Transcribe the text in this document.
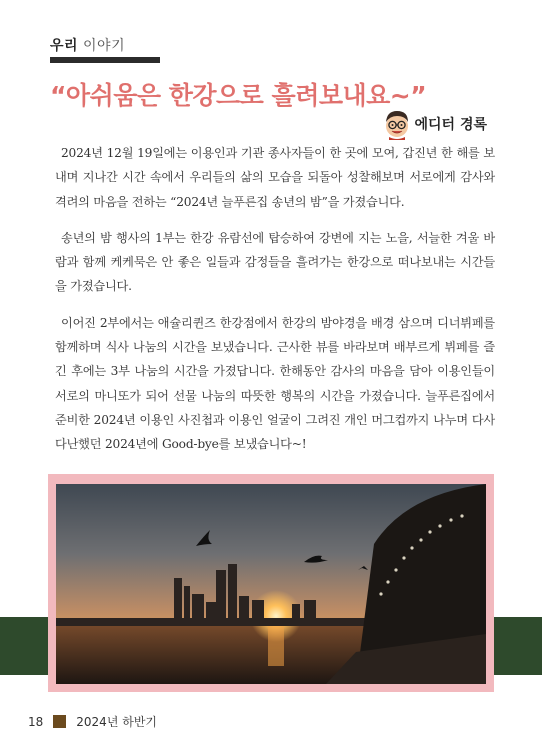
우리 이야기
“아쉬움은 한강으로 흘려보내요~”
에디터 경록

2024년 12월 19일에는 이용인과 기관 종사자들이 한 곳에 모여, 갑진년 한 해를 보내며 지나간 시간 속에서 우리들의 삶의 모습을 되돌아 성찰해보며 서로에게 감사와 격려의 마음을 전하는 “2024년 늘푸른집 송년의 밤”을 가졌습니다.

송년의 밤 행사의 1부는 한강 유람선에 탑승하여 강변에 지는 노을, 서늘한 겨울 바람과 함께 케케묵은 안 좋은 일들과 감정들을 흘려가는 한강으로 떠나보내는 시간들을 가졌습니다.

이어진 2부에서는 애슐리퀸즈 한강점에서 한강의 밤야경을 배경 삼으며 디너뷔페를 함께하며 식사 나눔의 시간을 보냈습니다. 근사한 뷰를 바라보며 배부르게 뷔페를 즐긴 후에는 3부 나눔의 시간을 가졌답니다. 한해동안 감사의 마음을 담아 이용인들이 서로의 마니또가 되어 선물 나눔의 따뜻한 행복의 시간을 가졌습니다. 늘푸른집에서 준비한 2024년 이용인 사진첩과 이용인 얼굴이 그려진 개인 머그컵까지 나누며 다사다난했던 2024년에 Good-bye를 보냈습니다~!

18	2024년 하반기
